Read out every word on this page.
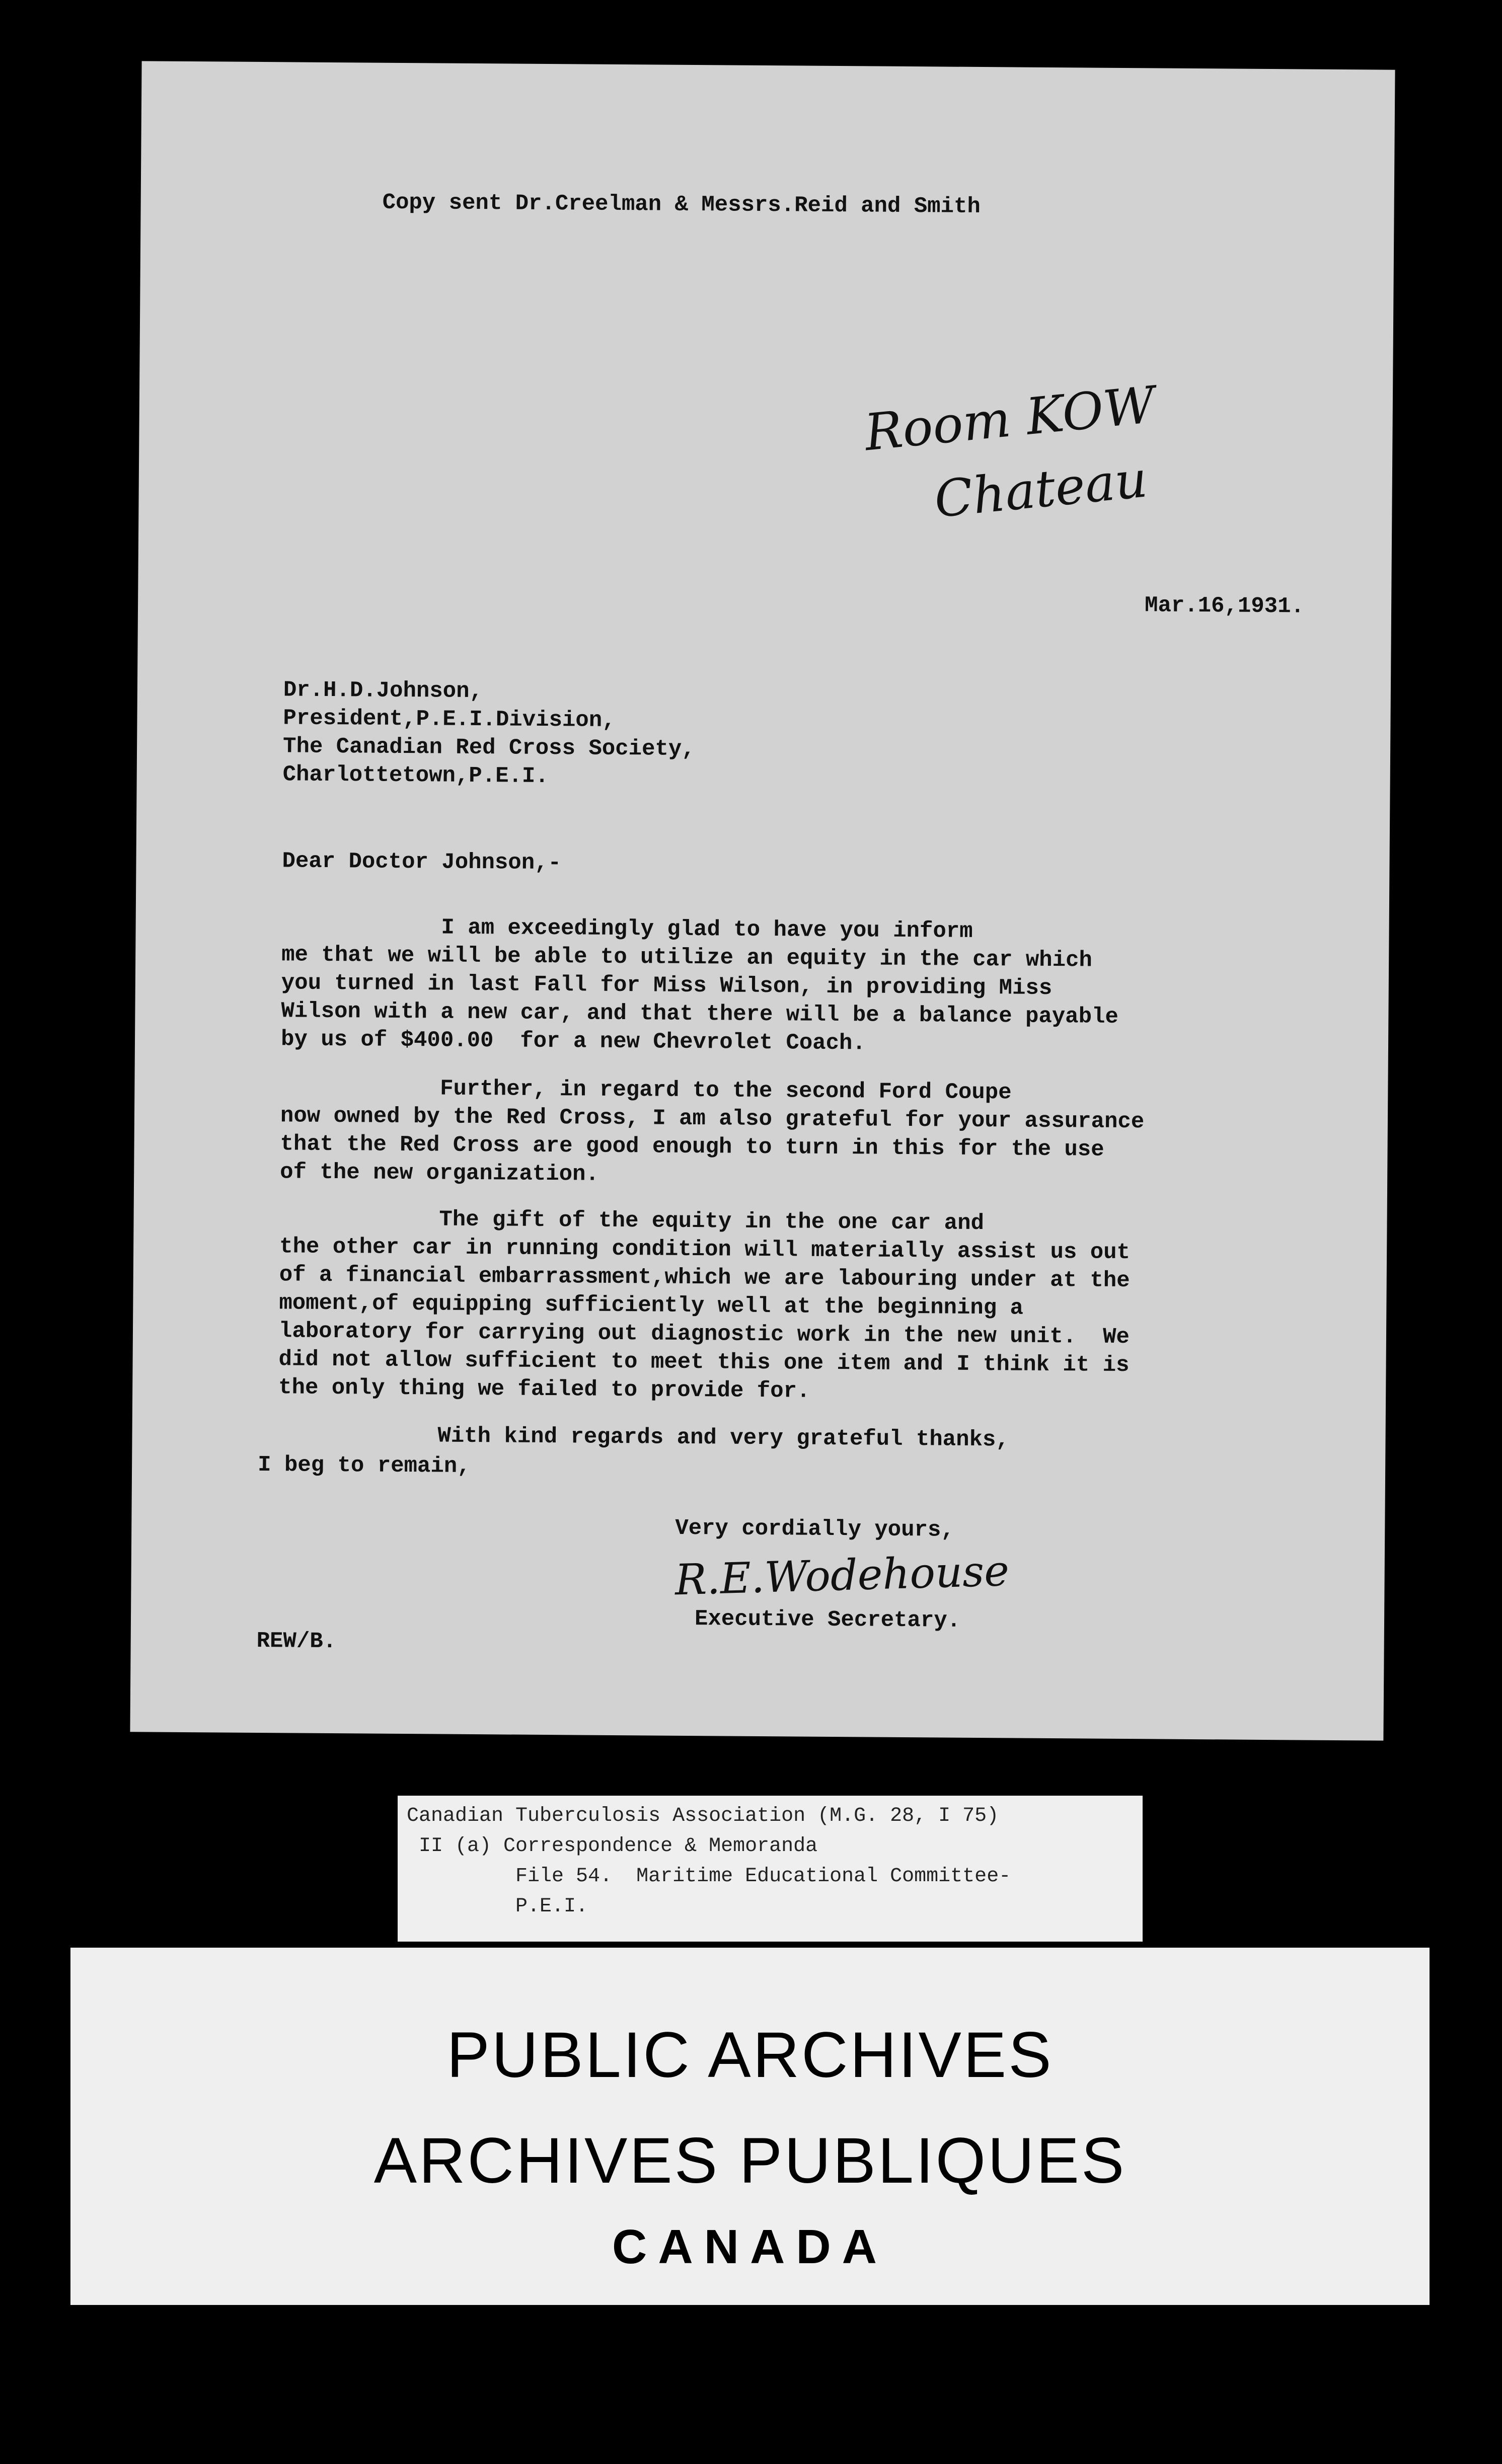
Copy sent Dr.Creelman & Messrs.Reid and Smith
Room KOW
Chateau
Mar.16,1931.
Dr.H.D.Johnson,
President,P.E.I.Division,
The Canadian Red Cross Society,
Charlottetown,P.E.I.
Dear Doctor Johnson,-
I am exceedingly glad to have you inform
me that we will be able to utilize an equity in the car which
you turned in last Fall for Miss Wilson, in providing Miss
Wilson with a new car, and that there will be a balance payable
by us of $400.00  for a new Chevrolet Coach.
Further, in regard to the second Ford Coupe
now owned by the Red Cross, I am also grateful for your assurance
that the Red Cross are good enough to turn in this for the use
of the new organization.
The gift of the equity in the one car and
the other car in running condition will materially assist us out
of a financial embarrassment,which we are labouring under at the
moment,of equipping sufficiently well at the beginning a
laboratory for carrying out diagnostic work in the new unit.  We
did not allow sufficient to meet this one item and I think it is
the only thing we failed to provide for.
With kind regards and very grateful thanks,
I beg to remain,
Very cordially yours,
R.E.Wodehouse
Executive Secretary.
REW/B.
Canadian Tuberculosis Association (M.G. 28, I 75)
II (a) Correspondence & Memoranda
File 54.  Maritime Educational Committee-
P.E.I.
PUBLIC ARCHIVES
ARCHIVES PUBLIQUES
CANADA
